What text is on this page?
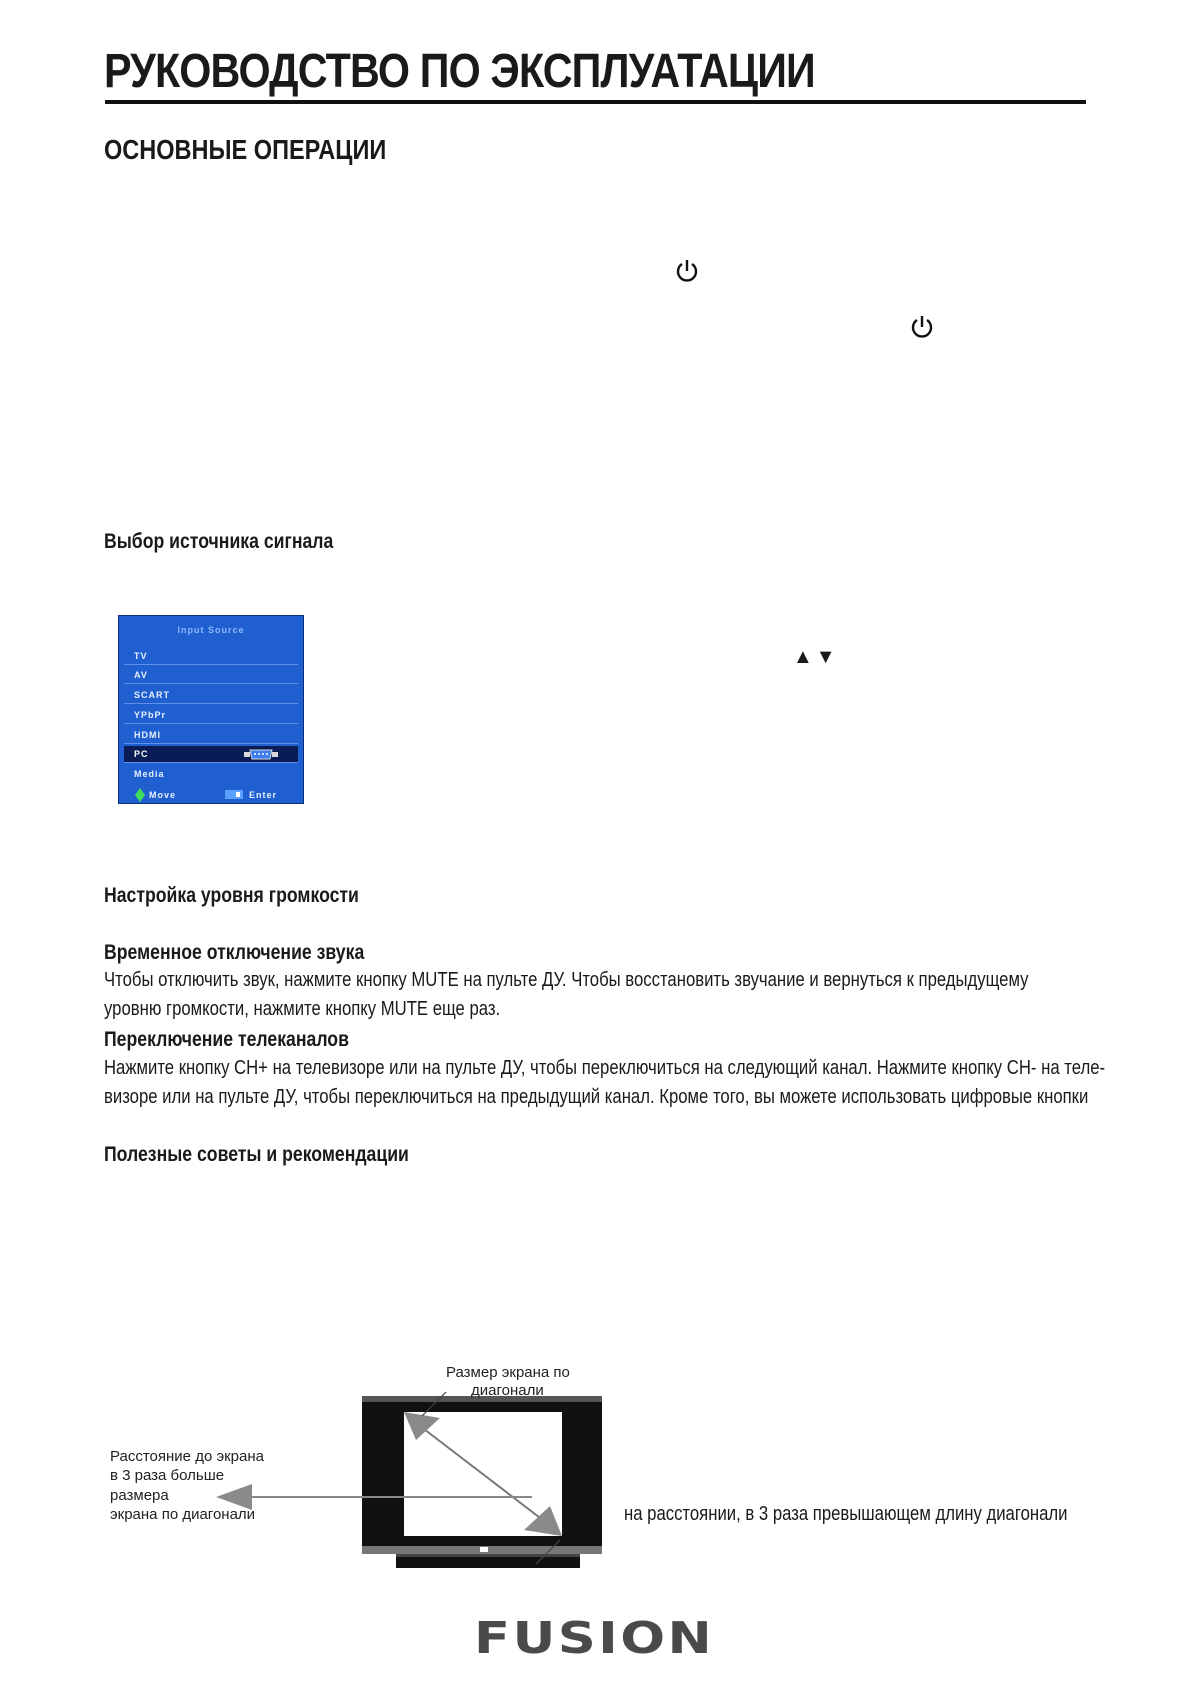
РУКОВОДСТВО ПО ЭКСПЛУАТАЦИИ
ОСНОВНЫЕ ОПЕРАЦИИ
Выбор источника сигнала
Input Source
TV
AV
SCART
YPbPr
HDMI
PC
Media
Move	Enter
▲▼
Настройка уровня громкости
Временное отключение звука
Чтобы отключить звук, нажмите кнопку MUTE на пульте ДУ. Чтобы восстановить звучание и вернуться к предыдущему
уровню громкости, нажмите кнопку MUTE еще раз.
Переключение телеканалов
Нажмите кнопку CH+ на телевизоре или на пульте ДУ, чтобы переключиться на следующий канал. Нажмите кнопку CH- на теле-
визоре или на пульте ДУ, чтобы переключиться на предыдущий канал. Кроме того, вы можете использовать цифровые кнопки
Полезные советы и рекомендации
Размер экрана по
диагонали
Расстояние до экрана
в 3 раза больше
размера
экрана по диагонали	на расстоянии, в 3 раза превышающем длину диагонали
FUSION
